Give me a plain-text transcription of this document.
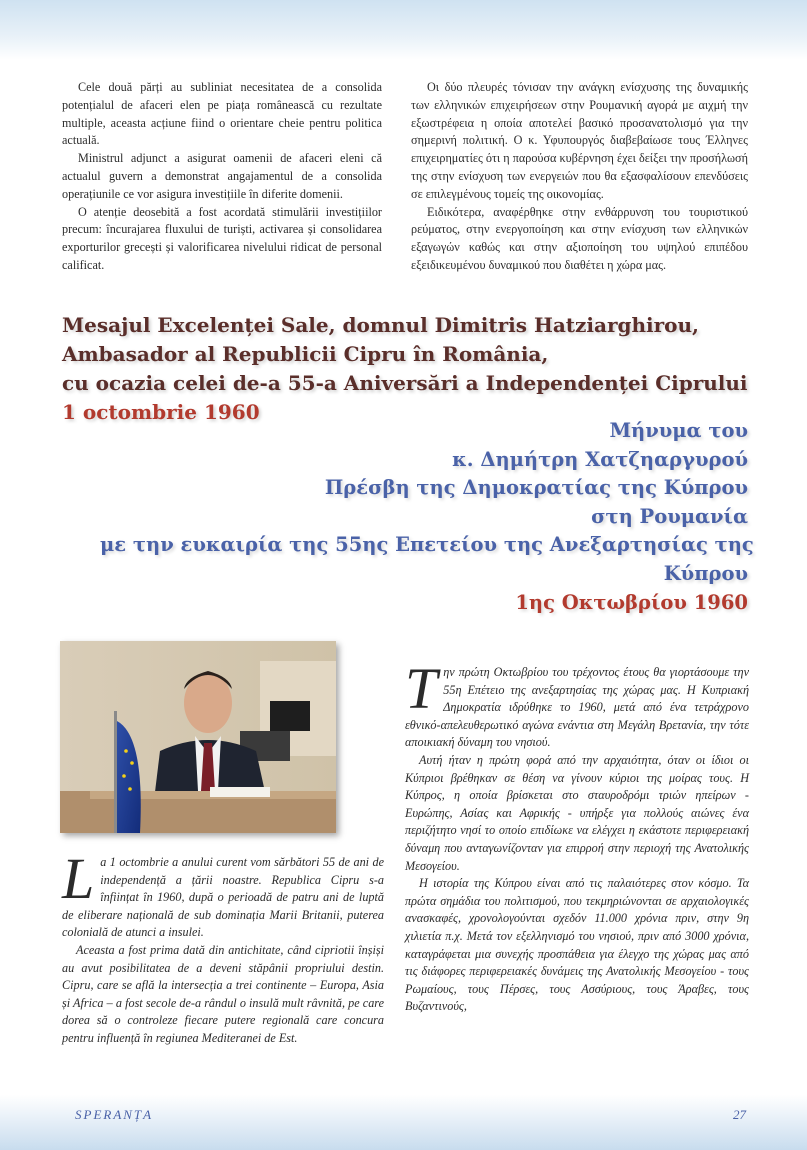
Cele două părți au subliniat necesitatea de a consolida potențialul de afaceri elen pe piața românească cu rezultate multiple, aceasta acțiune fiind o orientare cheie pentru politica actuală.

Ministrul adjunct a asigurat oamenii de afaceri eleni că actualul guvern a demonstrat angajamentul de a consolida operațiunile ce vor asigura investițiile în diferite domenii.

O atenție deosebită a fost acordată stimulării investițiilor precum: încurajarea fluxului de turiști, activarea și consolidarea exporturilor grecești și valorificarea nivelului ridicat de personal calificat.

Οι δύο πλευρές τόνισαν την ανάγκη ενίσχυσης της δυναμικής των ελληνικών επιχειρήσεων στην Ρουμανική αγορά με αιχμή την εξωστρέφεια η οποία αποτελεί βασικό προσανατολισμό για την σημερινή πολιτική. Ο κ. Υφυπουργός διαβεβαίωσε τους Έλληνες επιχειρηματίες ότι η παρούσα κυβέρνηση έχει δείξει την προσήλωσή της στην ενίσχυση των ενεργειών που θα εξασφαλίσουν επενδύσεις σε επιλεγμένους τομείς της οικονομίας.

Ειδικότερα, αναφέρθηκε στην ενθάρρυνση του τουριστικού ρεύματος, στην ενεργοποίηση και στην ενίσχυση των ελληνικών εξαγωγών καθώς και στην αξιοποίηση του υψηλού επιπέδου εξειδικευμένου δυναμικού που διαθέτει η χώρα μας.

Mesajul Excelenței Sale, domnul Dimitris Hatziarghirou,
Ambasador al Republicii Cipru în România,
cu ocazia celei de-a 55-a Aniversări a Independenței Ciprului
1 octombrie 1960
Μήνυμα του
κ. Δημήτρη Χατζηαργυρού
Πρέσβη της Δημοκρατίας της Κύπρου
στη Ρουμανία
με την ευκαιρία της 55ης Επετείου της Ανεξαρτησίας της
Κύπρου
1ης Οκτωβρίου 1960

La 1 octombrie a anului curent vom sărbători 55 de ani de independență a țării noastre. Republica Cipru s-a înființat în 1960, după o perioadă de patru ani de luptă de eliberare națională de sub dominația Marii Britanii, puterea colonială de atunci a insulei.

Aceasta a fost prima dată din antichitate, când cipriotii înșiși au avut posibilitatea de a deveni stăpânii propriului destin. Cipru, care se află la intersecția a trei continente – Europa, Asia și Africa – a fost secole de-a rândul o insulă mult râvnită, pe care dorea să o controleze fiecare putere regională care concura pentru influență în regiunea Mediteranei de Est.

Την πρώτη Οκτωβρίου του τρέχοντος έτους θα γιορτάσουμε την 55η Επέτειο της ανεξαρτησίας της χώρας μας. Η Κυπριακή Δημοκρατία ιδρύθηκε το 1960, μετά από ένα τετράχρονο εθνικό-απελευθερωτικό αγώνα ενάντια στη Μεγάλη Βρετανία, την τότε αποικιακή δύναμη του νησιού.

Αυτή ήταν η πρώτη φορά από την αρχαιότητα, όταν οι ίδιοι οι Κύπριοι βρέθηκαν σε θέση να γίνουν κύριοι της μοίρας τους. Η Κύπρος, η οποία βρίσκεται στο σταυροδρόμι τριών ηπείρων - Ευρώπης, Ασίας και Αφρικής - υπήρξε για πολλούς αιώνες ένα περιζήτητο νησί το οποίο επιδίωκε να ελέγχει η εκάστοτε περιφερειακή δύναμη που ανταγωνίζονταν για επιρροή στην περιοχή της Ανατολικής Μεσογείου.

Η ιστορία της Κύπρου είναι από τις παλαιότερες στον κόσμο. Τα πρώτα σημάδια του πολιτισμού, που τεκμηριώνονται σε αρχαιολογικές ανασκαφές, χρονολογούνται σχεδόν 11.000 χρόνια πριν, στην 9η χιλιετία π.χ. Μετά τον εξελληνισμό του νησιού, πριν από 3000 χρόνια, καταγράφεται μια συνεχής προσπάθεια για έλεγχο της χώρας μας από τις διάφορες περιφερειακές δυνάμεις της Ανατολικής Μεσογείου - τους Ρωμαίους, τους Πέρσες, τους Ασσύριους, τους Άραβες, τους Βυζαντινούς,

SPERANȚA	27
